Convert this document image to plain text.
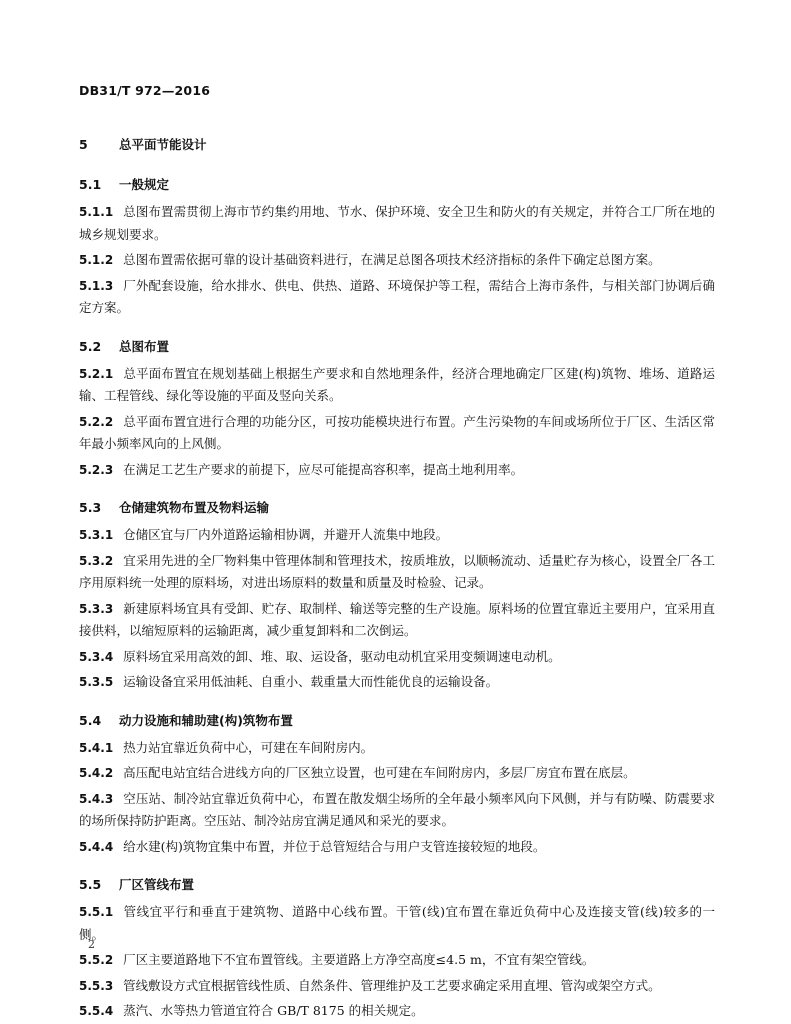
DB31/T 972—2016
5	总平面节能设计
5.1 一般规定
5.1.1 总图布置需贯彻上海市节约集约用地、节水、保护环境、安全卫生和防火的有关规定，并符合工厂所在地的城乡规划要求。
5.1.2 总图布置需依据可靠的设计基础资料进行，在满足总图各项技术经济指标的条件下确定总图方案。
5.1.3 厂外配套设施，给水排水、供电、供热、道路、环境保护等工程，需结合上海市条件，与相关部门协调后确定方案。
5.2 总图布置
5.2.1 总平面布置宜在规划基础上根据生产要求和自然地理条件，经济合理地确定厂区建(构)筑物、堆场、道路运输、工程管线、绿化等设施的平面及竖向关系。
5.2.2 总平面布置宜进行合理的功能分区，可按功能模块进行布置。产生污染物的车间或场所位于厂区、生活区常年最小频率风向的上风侧。
5.2.3 在满足工艺生产要求的前提下，应尽可能提高容积率，提高土地利用率。
5.3 仓储建筑物布置及物料运输
5.3.1 仓储区宜与厂内外道路运输相协调，并避开人流集中地段。
5.3.2 宜采用先进的全厂物料集中管理体制和管理技术，按质堆放，以顺畅流动、适量贮存为核心，设置全厂各工序用原料统一处理的原料场，对进出场原料的数量和质量及时检验、记录。
5.3.3 新建原料场宜具有受卸、贮存、取制样、输送等完整的生产设施。原料场的位置宜靠近主要用户，宜采用直接供料，以缩短原料的运输距离，减少重复卸料和二次倒运。
5.3.4 原料场宜采用高效的卸、堆、取、运设备，驱动电动机宜采用变频调速电动机。
5.3.5 运输设备宜采用低油耗、自重小、载重量大而性能优良的运输设备。
5.4 动力设施和辅助建(构)筑物布置
5.4.1 热力站宜靠近负荷中心，可建在车间附房内。
5.4.2 高压配电站宜结合进线方向的厂区独立设置，也可建在车间附房内，多层厂房宜布置在底层。
5.4.3 空压站、制冷站宜靠近负荷中心，布置在散发烟尘场所的全年最小频率风向下风侧，并与有防噪、防震要求的场所保持防护距离。空压站、制冷站房宜满足通风和采光的要求。
5.4.4 给水建(构)筑物宜集中布置，并位于总管短结合与用户支管连接较短的地段。
5.5 厂区管线布置
5.5.1 管线宜平行和垂直于建筑物、道路中心线布置。干管(线)宜布置在靠近负荷中心及连接支管(线)较多的一侧。
5.5.2 厂区主要道路地下不宜布置管线。主要道路上方净空高度≤4.5 m，不宜有架空管线。
5.5.3 管线敷设方式宜根据管线性质、自然条件、管理维护及工艺要求确定采用直埋、管沟或架空方式。
5.5.4 蒸汽、水等热力管道宜符合 GB/T 8175 的相关规定。
2
